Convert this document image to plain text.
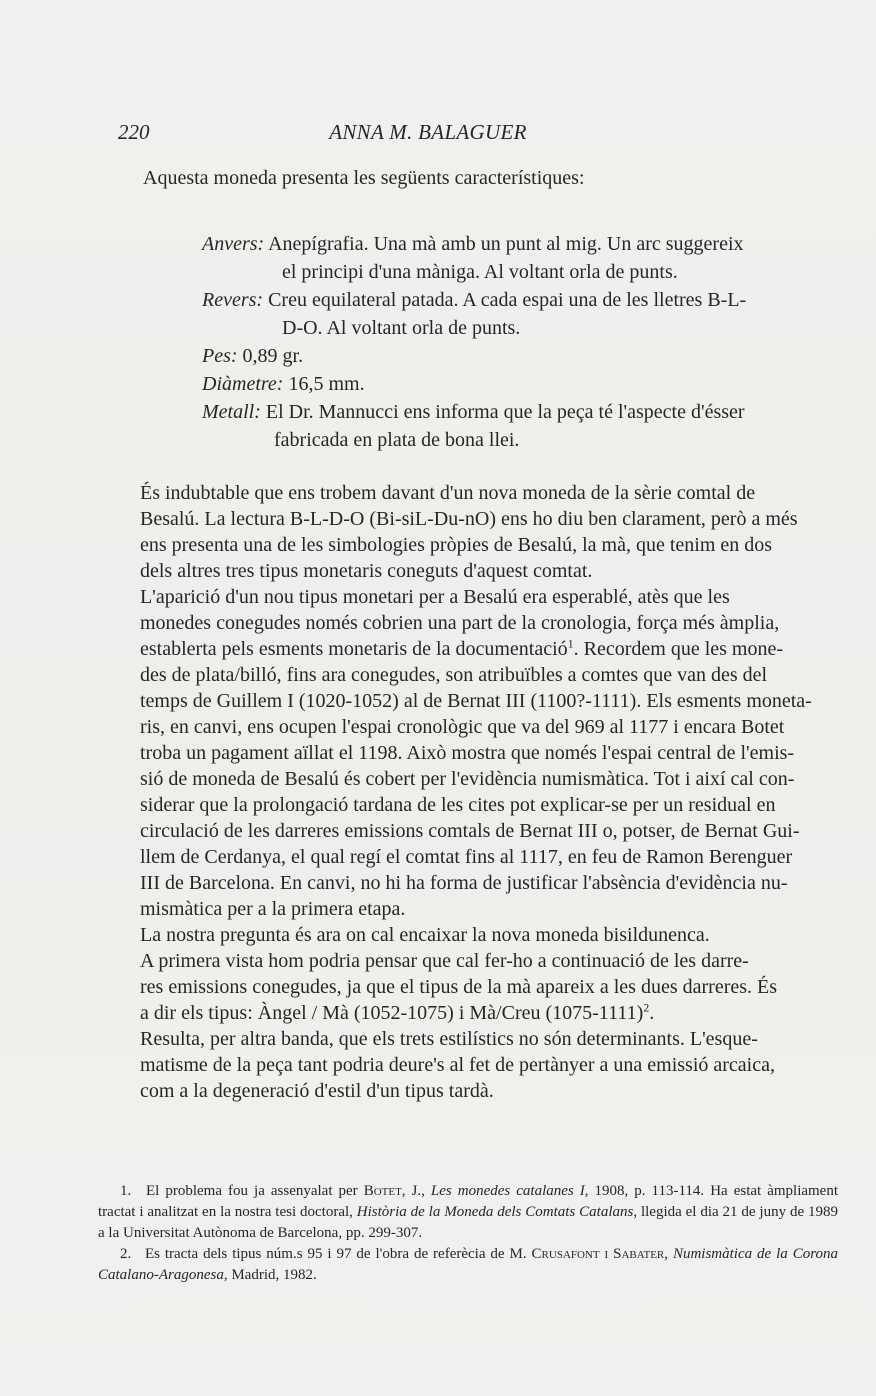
220	ANNA M. BALAGUER

Aquesta moneda presenta les següents característiques:

Anvers: Anepígrafia. Una mà amb un punt al mig. Un arc suggereix
el principi d'una màniga. Al voltant orla de punts.
Revers: Creu equilateral patada. A cada espai una de les lletres B-L-
D-O. Al voltant orla de punts.
Pes: 0,89 gr.
Diàmetre: 16,5 mm.
Metall: El Dr. Mannucci ens informa que la peça té l'aspecte d'ésser
fabricada en plata de bona llei.

És indubtable que ens trobem davant d'un nova moneda de la sèrie comtal de
Besalú. La lectura B-L-D-O (Bi-siL-Du-nO) ens ho diu ben clarament, però a més
ens presenta una de les simbologies pròpies de Besalú, la mà, que tenim en dos
dels altres tres tipus monetaris coneguts d'aquest comtat.

L'aparició d'un nou tipus monetari per a Besalú era esperablé, atès que les
monedes conegudes només cobrien una part de la cronologia, força més àmplia,
establerta pels esments monetaris de la documentació$^1$. Recordem que les mone-
des de plata/billó, fins ara conegudes, son atribuïbles a comtes que van des del
temps de Guillem I (1020-1052) al de Bernat III (1100?-1111). Els esments moneta-
ris, en canvi, ens ocupen l'espai cronològic que va del 969 al 1177 i encara Botet
troba un pagament aïllat el 1198. Això mostra que només l'espai central de l'emis-
sió de moneda de Besalú és cobert per l'evidència numismàtica. Tot i així cal con-
siderar que la prolongació tardana de les cites pot explicar-se per un residual en
circulació de les darreres emissions comtals de Bernat III o, potser, de Bernat Gui-
llem de Cerdanya, el qual regí el comtat fins al 1117, en feu de Ramon Berenguer
III de Barcelona. En canvi, no hi ha forma de justificar l'absència d'evidència nu-
mismàtica per a la primera etapa.

La nostra pregunta és ara on cal encaixar la nova moneda bisildunenca.

A primera vista hom podria pensar que cal fer-ho a continuació de les darre-
res emissions conegudes, ja que el tipus de la mà apareix a les dues darreres. És
a dir els tipus: Àngel / Mà (1052-1075) i Mà/Creu (1075-1111)$^2$.

Resulta, per altra banda, que els trets estilístics no són determinants. L'esque-
matisme de la peça tant podria deure's al fet de pertànyer a una emissió arcaica,
com a la degeneració d'estil d'un tipus tardà.

1. El problema fou ja assenyalat per Botet, J., Les monedes catalanes I, 1908, p. 113-114. Ha estat àmpliament tractat i analitzat en la nostra tesi doctoral, Història de la Moneda dels Comtats Catalans, llegida el dia 21 de juny de 1989 a la Universitat Autònoma de Barcelona, pp. 299-307.

2. Es tracta dels tipus núm.s 95 i 97 de l'obra de referècia de M. Crusafont i Sabater, Numismàtica de la Corona Catalano-Aragonesa, Madrid, 1982.
